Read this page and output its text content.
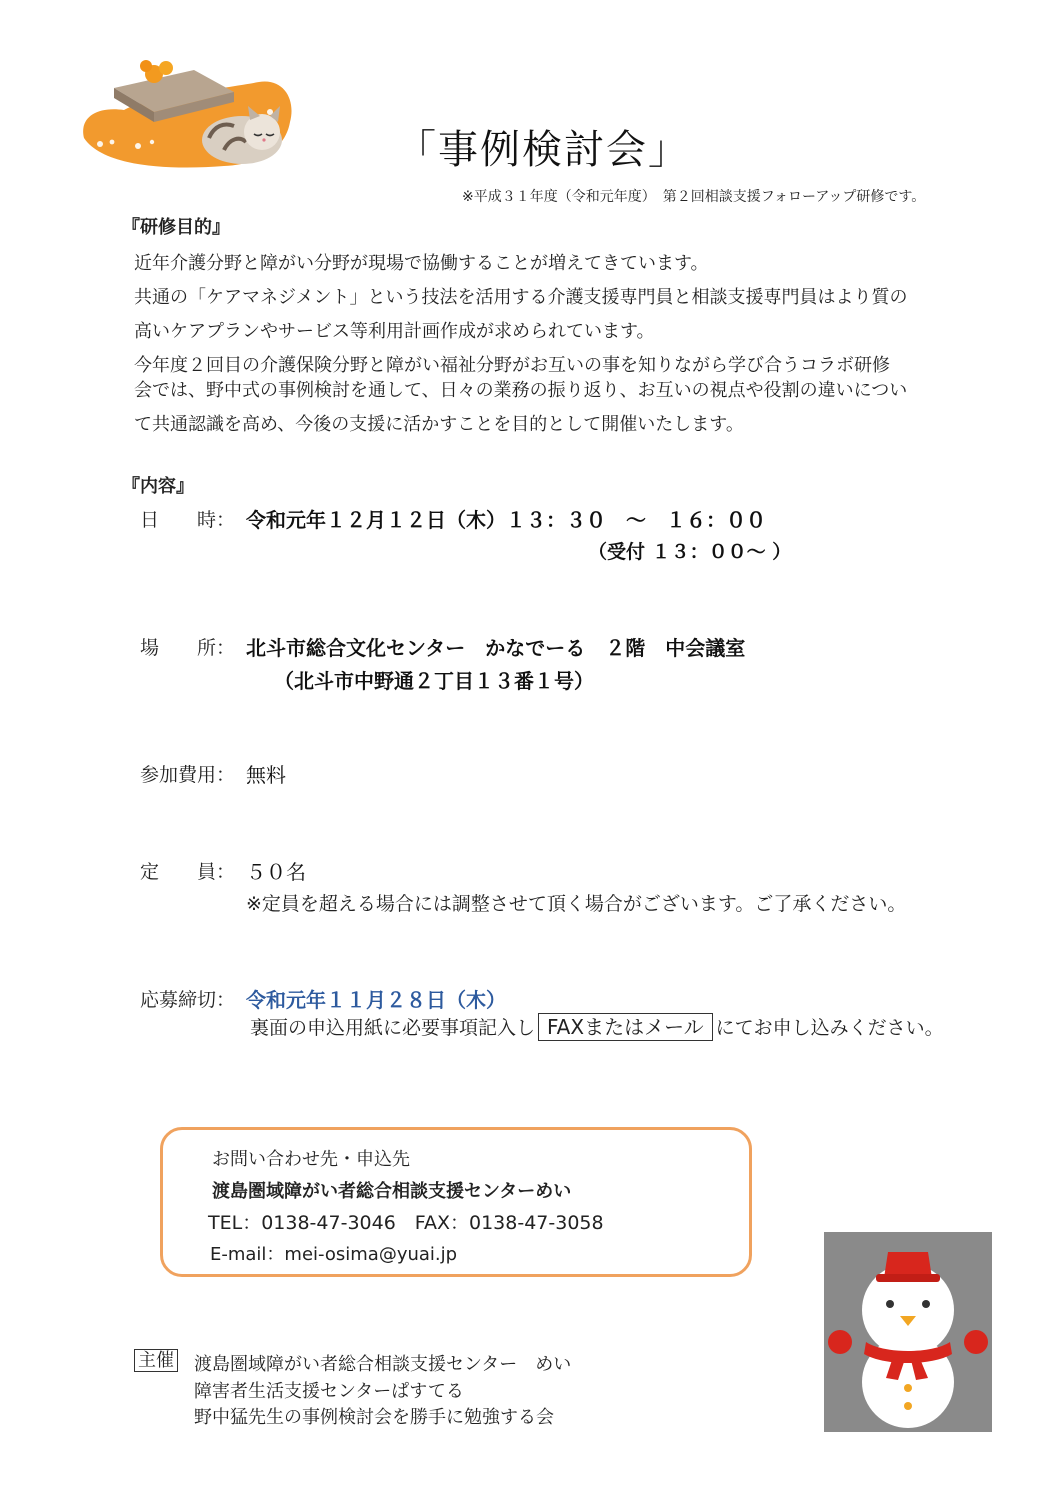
「事例検討会」
※平成３１年度（令和元年度）　第２回相談支援フォローアップ研修です。
『研修目的』
近年介護分野と障がい分野が現場で協働することが増えてきています。
共通の「ケアマネジメント」という技法を活用する介護支援専門員と相談支援専門員はより質の
高いケアプランやサービス等利用計画作成が求められています。
今年度２回目の介護保険分野と障がい福祉分野がお互いの事を知りながら学び合うコラボ研修
会では、野中式の事例検討を通して、日々の業務の振り返り、お互いの視点や役割の違いについ
て共通認識を高め、今後の支援に活かすことを目的として開催いたします。
『内容』
日　　時： 令和元年１２月１２日（木）１３：３０　～　１６：００
（受付 １３：００～ ）
場　　所： 北斗市総合文化センター　かなでーる　２階　中会議室
（北斗市中野通２丁目１３番１号）
参加費用： 無料
定　　員： ５０名
※定員を超える場合には調整させて頂く場合がございます。ご了承ください。
応募締切： 令和元年１１月２８日（木）
裏面の申込用紙に必要事項記入し FAXまたはメール にてお申し込みください。
お問い合わせ先・申込先
渡島圏域障がい者総合相談支援センターめい
TEL：0138-47-3046　FAX：0138-47-3058
E-mail：mei-osima@yuai.jp
主催 渡島圏域障がい者総合相談支援センター　めい
障害者生活支援センターぱすてる
野中猛先生の事例検討会を勝手に勉強する会
